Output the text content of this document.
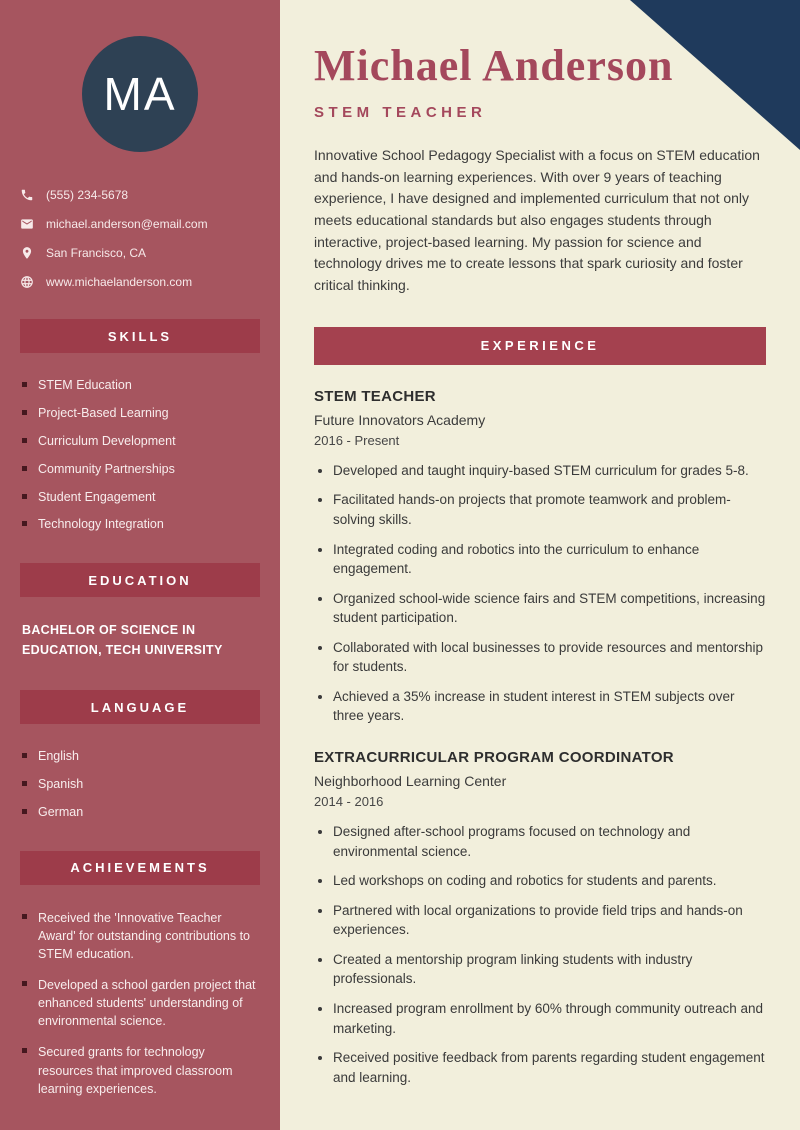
MA
(555) 234-5678
michael.anderson@email.com
San Francisco, CA
www.michaelanderson.com
SKILLS
STEM Education
Project-Based Learning
Curriculum Development
Community Partnerships
Student Engagement
Technology Integration
EDUCATION
BACHELOR OF SCIENCE IN EDUCATION, TECH UNIVERSITY
LANGUAGE
English
Spanish
German
ACHIEVEMENTS
Received the 'Innovative Teacher Award' for outstanding contributions to STEM education.
Developed a school garden project that enhanced students' understanding of environmental science.
Secured grants for technology resources that improved classroom learning experiences.
Michael Anderson
STEM TEACHER

Innovative School Pedagogy Specialist with a focus on STEM education and hands-on learning experiences. With over 9 years of teaching experience, I have designed and implemented curriculum that not only meets educational standards but also engages students through interactive, project-based learning. My passion for science and technology drives me to create lessons that spark curiosity and foster critical thinking.

EXPERIENCE
STEM TEACHER
Future Innovators Academy
2016 - Present
• Developed and taught inquiry-based STEM curriculum for grades 5-8.
• Facilitated hands-on projects that promote teamwork and problem-solving skills.
• Integrated coding and robotics into the curriculum to enhance engagement.
• Organized school-wide science fairs and STEM competitions, increasing student participation.
• Collaborated with local businesses to provide resources and mentorship for students.
• Achieved a 35% increase in student interest in STEM subjects over three years.
EXTRACURRICULAR PROGRAM COORDINATOR
Neighborhood Learning Center
2014 - 2016
• Designed after-school programs focused on technology and environmental science.
• Led workshops on coding and robotics for students and parents.
• Partnered with local organizations to provide field trips and hands-on experiences.
• Created a mentorship program linking students with industry professionals.
• Increased program enrollment by 60% through community outreach and marketing.
• Received positive feedback from parents regarding student engagement and learning.
